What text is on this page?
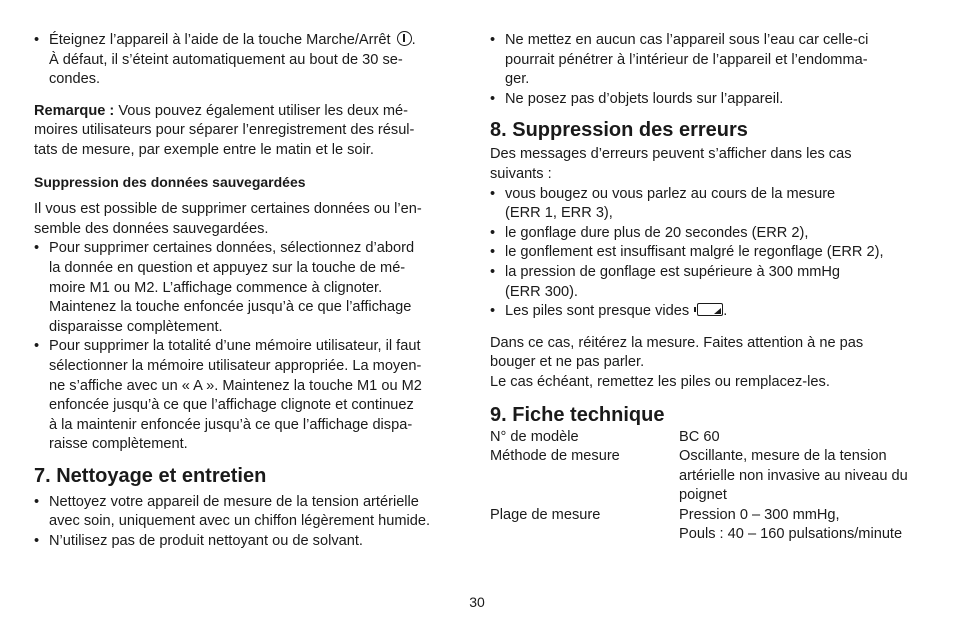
• Éteignez l’appareil à l’aide de la touche Marche/Arrêt .
À défaut, il s’éteint automatiquement au bout de 30 se-
condes.

Remarque : Vous pouvez également utiliser les deux mé-
moires utilisateurs pour séparer l’enregistrement des résul-
tats de mesure, par exemple entre le matin et le soir.

Suppression des données sauvegardées

Il vous est possible de supprimer certaines données ou l’en-
semble des données sauvegardées.

• Pour supprimer certaines données, sélectionnez d’abord
la donnée en question et appuyez sur la touche de mé-
moire M1 ou M2. L’affichage commence à clignoter.
Maintenez la touche enfoncée jusqu’à ce que l’affichage
disparaisse complètement.
• Pour supprimer la totalité d’une mémoire utilisateur, il faut
sélectionner la mémoire utilisateur appropriée. La moyen-
ne s’affiche avec un « A ». Maintenez la touche M1 ou M2
enfoncée jusqu’à ce que l’affichage clignote et continuez
à la maintenir enfoncée jusqu’à ce que l’affichage dispa-
raisse complètement.
7. Nettoyage et entretien
• Nettoyez votre appareil de mesure de la tension artérielle
avec soin, uniquement avec un chiffon légèrement humide.
• N’utilisez pas de produit nettoyant ou de solvant.
• Ne mettez en aucun cas l’appareil sous l’eau car celle-ci
pourrait pénétrer à l’intérieur de l’appareil et l’endomma-
ger.
• Ne posez pas d’objets lourds sur l’appareil.
8. Suppression des erreurs

Des messages d’erreurs peuvent s’afficher dans les cas
suivants :

• vous bougez ou vous parlez au cours de la mesure
(ERR 1, ERR 3),
• le gonflage dure plus de 20 secondes (ERR 2),
• le gonflement est insuffisant malgré le regonflage (ERR 2),
• la pression de gonflage est supérieure à 300 mmHg
(ERR 300).
• Les piles sont presque vides .

Dans ce cas, réitérez la mesure. Faites attention à ne pas
bouger et ne pas parler.
Le cas échéant, remettez les piles ou remplacez-les.

9. Fiche technique
N° de modèle	BC 60

Méthode de mesure	Oscillante, mesure de la tension
artérielle non invasive au niveau du
poignet

Plage de mesure	Pression 0 – 300 mmHg,
Pouls : 40 – 160 pulsations/minute
30
